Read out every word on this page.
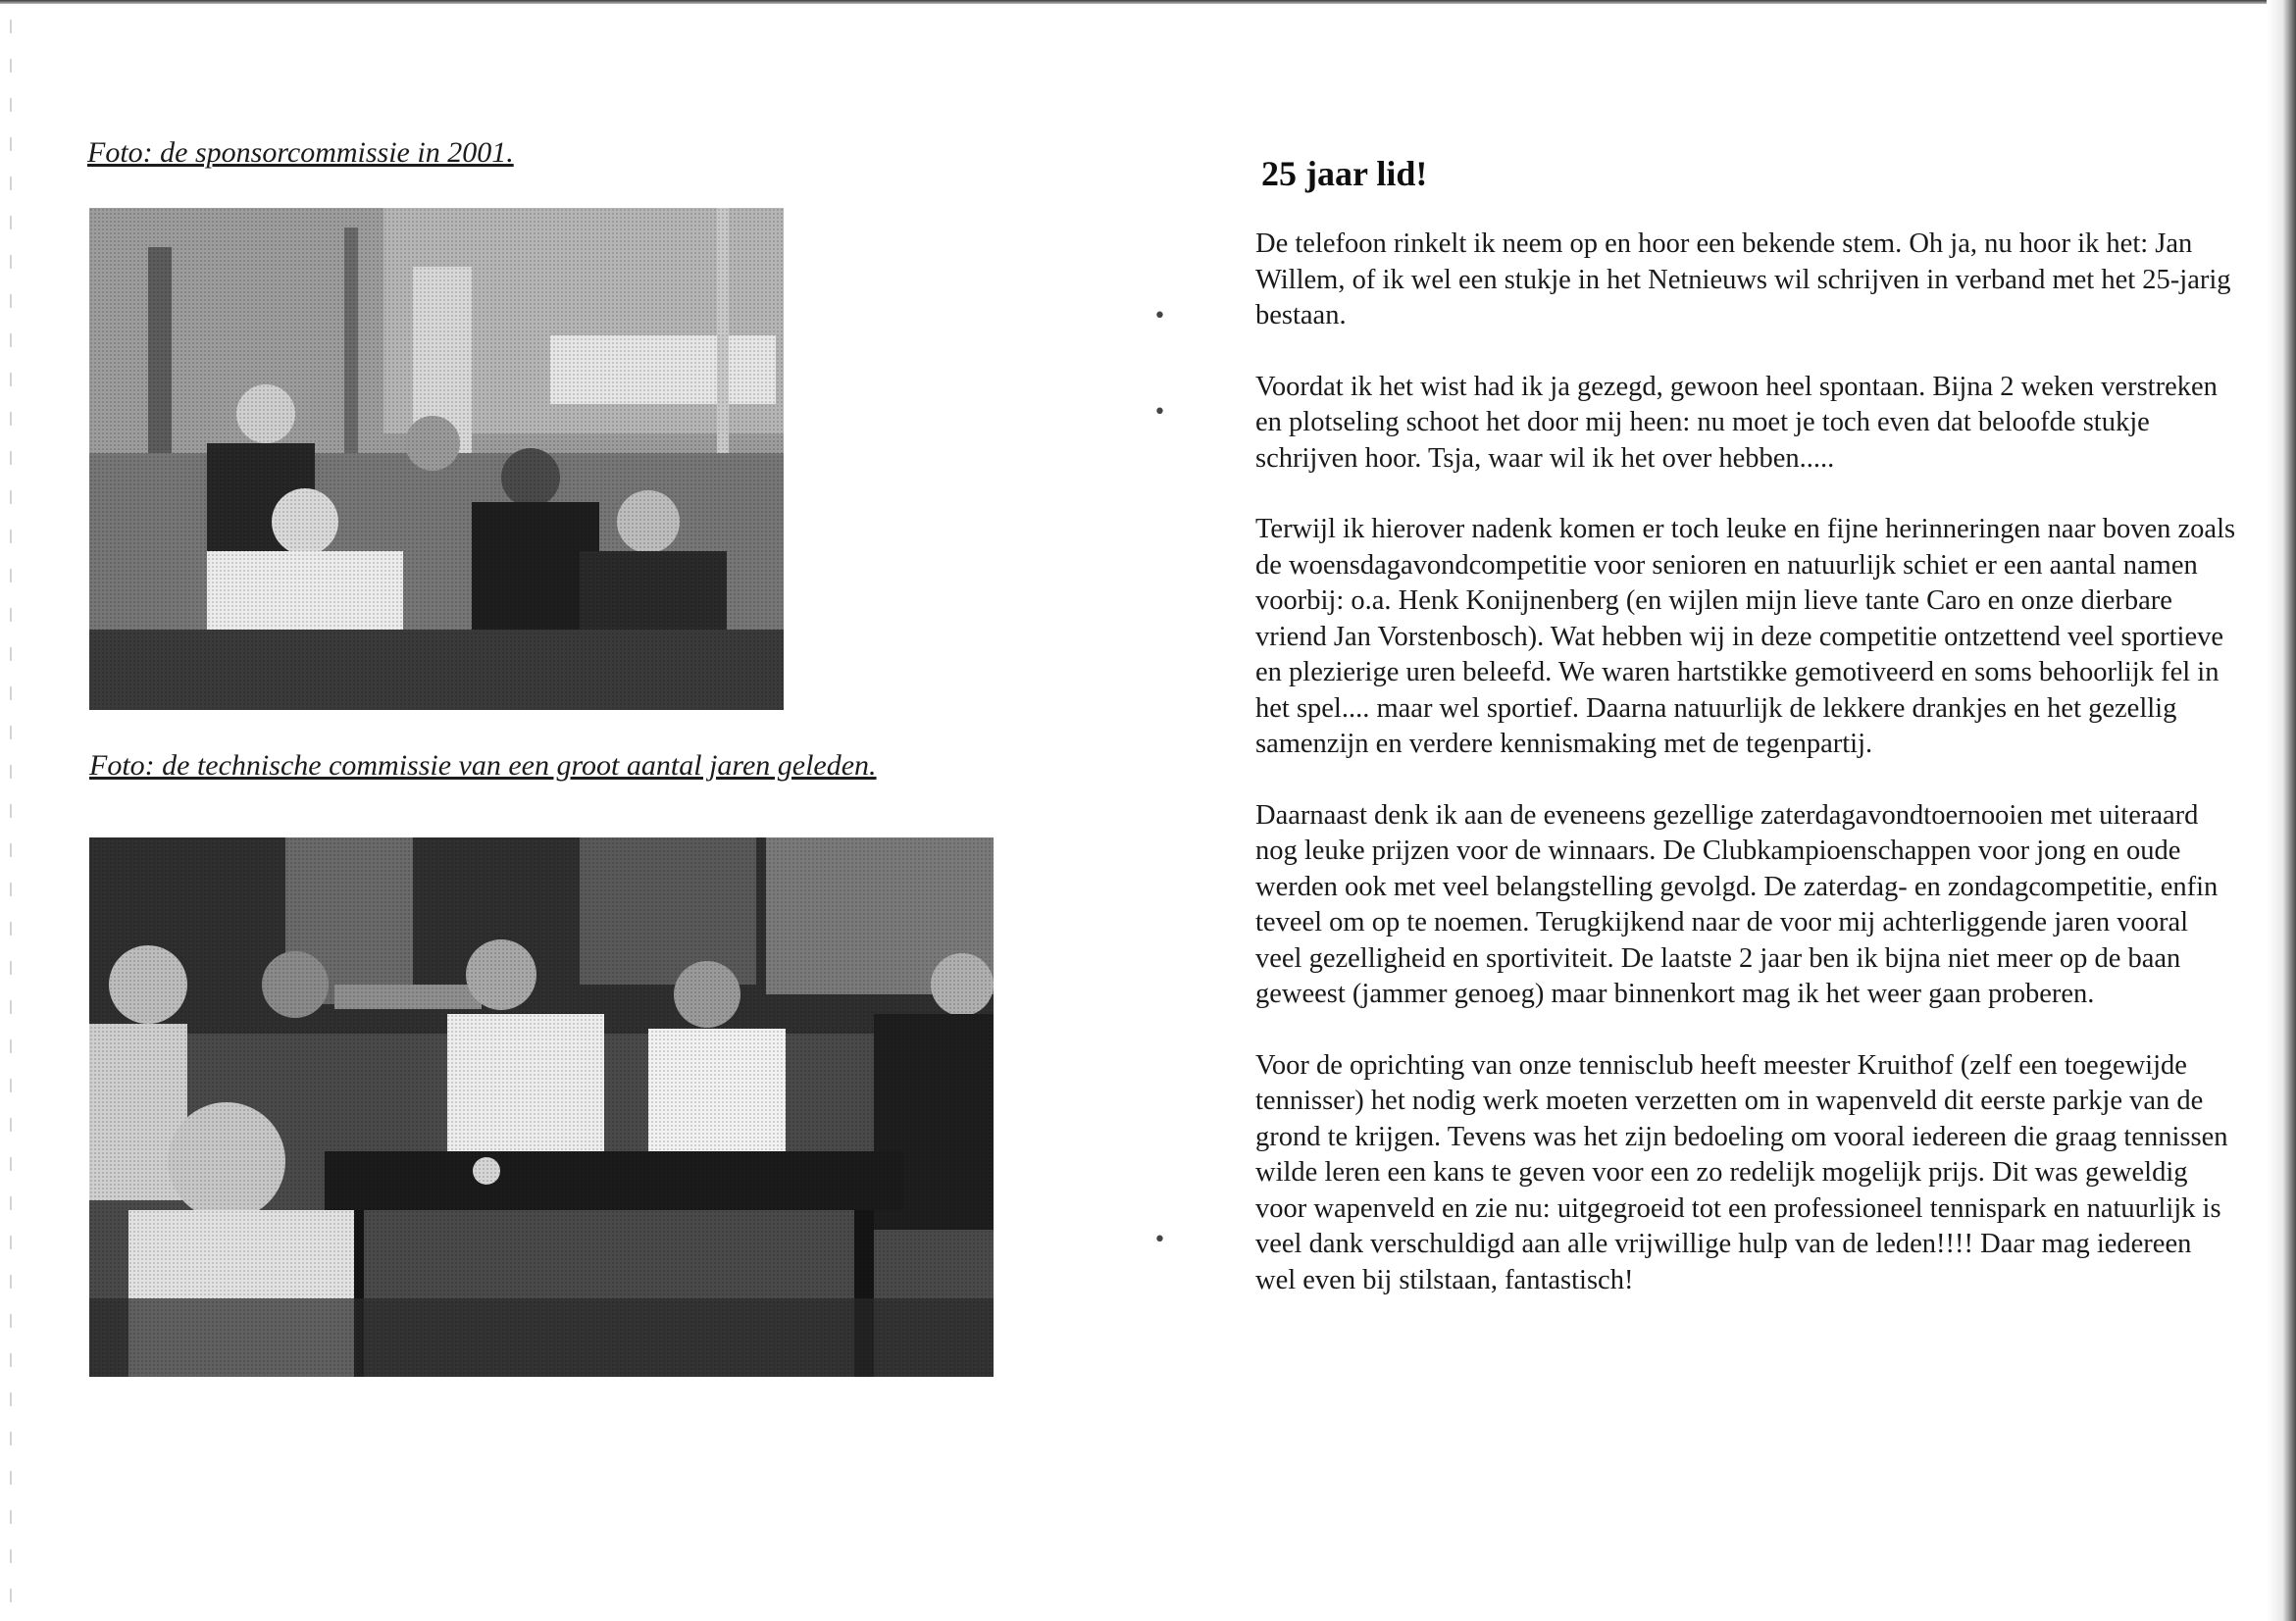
Foto: de sponsorcommissie in 2001.
Foto: de technische commissie van een groot aantal jaren geleden.
•
•
•
25 jaar lid!

De telefoon rinkelt ik neem op en hoor een bekende stem. Oh ja, nu hoor ik het: Jan Willem, of ik wel een stukje in het Netnieuws wil schrijven in verband met het 25-jarig bestaan.

Voordat ik het wist had ik ja gezegd, gewoon heel spontaan. Bijna 2 weken verstreken en plotseling schoot het door mij heen: nu moet je toch even dat beloofde stukje schrijven hoor. Tsja, waar wil ik het over hebben.....

Terwijl ik hierover nadenk komen er toch leuke en fijne herinneringen naar boven zoals de woensdagavondcompetitie voor senioren en natuurlijk schiet er een aantal namen voorbij: o.a. Henk Konijnenberg (en wijlen mijn lieve tante Caro en onze dierbare vriend Jan Vorstenbosch). Wat hebben wij in deze competitie ontzettend veel sportieve en plezierige uren beleefd. We waren hartstikke gemotiveerd en soms behoorlijk fel in het spel.... maar wel sportief. Daarna natuurlijk de lekkere drankjes en het gezellig samenzijn en verdere kennismaking met de tegenpartij.

Daarnaast denk ik aan de eveneens gezellige zaterdagavondtoernooien met uiteraard nog leuke prijzen voor de winnaars. De Clubkampioenschappen voor jong en oude werden ook met veel belangstelling gevolgd. De zaterdag- en zondagcompetitie, enfin teveel om op te noemen. Terugkijkend naar de voor mij achterliggende jaren vooral veel gezelligheid en sportiviteit. De laatste 2 jaar ben ik bijna niet meer op de baan geweest (jammer genoeg) maar binnenkort mag ik het weer gaan proberen.

Voor de oprichting van onze tennisclub heeft meester Kruithof (zelf een toegewijde tennisser) het nodig werk moeten verzetten om in wapenveld dit eerste parkje van de grond te krijgen. Tevens was het zijn bedoeling om vooral iedereen die graag tennissen wilde leren een kans te geven voor een zo redelijk mogelijk prijs. Dit was geweldig voor wapenveld en zie nu: uitgegroeid tot een professioneel tennispark en natuurlijk is veel dank verschuldigd aan alle vrijwillige hulp van de leden!!!! Daar mag iedereen wel even bij stilstaan, fantastisch!
